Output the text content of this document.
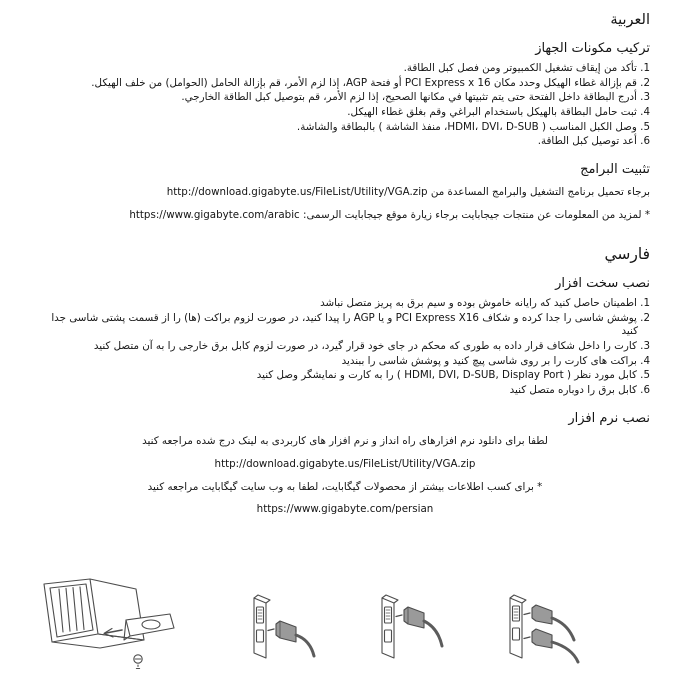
العربية
تركيب مكونات الجهاز
1. تأكد من إيقاف تشغيل الكمبيوتر ومن فصل كبل الطاقة.
2. قم بإزالة غطاء الهيكل وحدد مكان PCI Express x 16 أو فتحة AGP، إذا لزم الأمر، قم بإزالة الحامل (الحوامل) من خلف الهيكل.
3. أدرج البطاقة داخل الفتحة حتى يتم تثبيتها في مكانها الصحيح، إذا لزم الأمر، قم بتوصيل كبل الطاقة الخارجي.
4. ثبت حامل البطاقة بالهيكل باستخدام البراغي وقم بغلق غطاء الهيكل.
5. وصل الكبل المناسب ( HDMI، DVI، D-SUB، منفذ الشاشة ) بالبطاقة والشاشة.
6. أعد توصيل كبل الطاقة.
تثبيت البرامج

برجاء تحميل برنامج التشغيل والبرامج المساعدة من http://download.gigabyte.us/FileList/Utility/VGA.zip

* لمزيد من المعلومات عن منتجات جيجابايت برجاء زيارة موقع جيجابايت الرسمى: https://www.gigabyte.com/arabic

فارسي
نصب سخت افزار
1. اطمینان حاصل كنید كه رایانه خاموش بوده و سیم برق به پریز متصل نباشد
2. پوشش شاسی را جدا كرده و شكاف PCI Express X16 و یا AGP را پیدا كنید، در صورت لزوم براكت (ها) را از قسمت پشتی شاسی جدا كنید
3. كارت را داخل شكاف قرار داده به طوری كه محكم در جای خود قرار گیرد، در صورت لزوم كابل برق خارجی را به آن متصل كنید
4. براكت های كارت را بر روی شاسی پیچ كنید و پوشش شاسی را ببندید
5. كابل مورد نظر ( HDMI, DVI, D-SUB, Display Port ) را به كارت و نمایشگر وصل كنید
6. كابل برق را دوباره متصل كنید
نصب نرم افزار

لطفا برای دانلود نرم افزارهای راه انداز و نرم افزار های كاربردی به لینک درج شده مراجعه كنید

http://download.gigabyte.us/FileList/Utility/VGA.zip

* برای كسب اطلاعات بیشتر از محصولات گیگابایت، لطفا به وب سایت گیگابایت مراجعه كنید

https://www.gigabyte.com/persian
